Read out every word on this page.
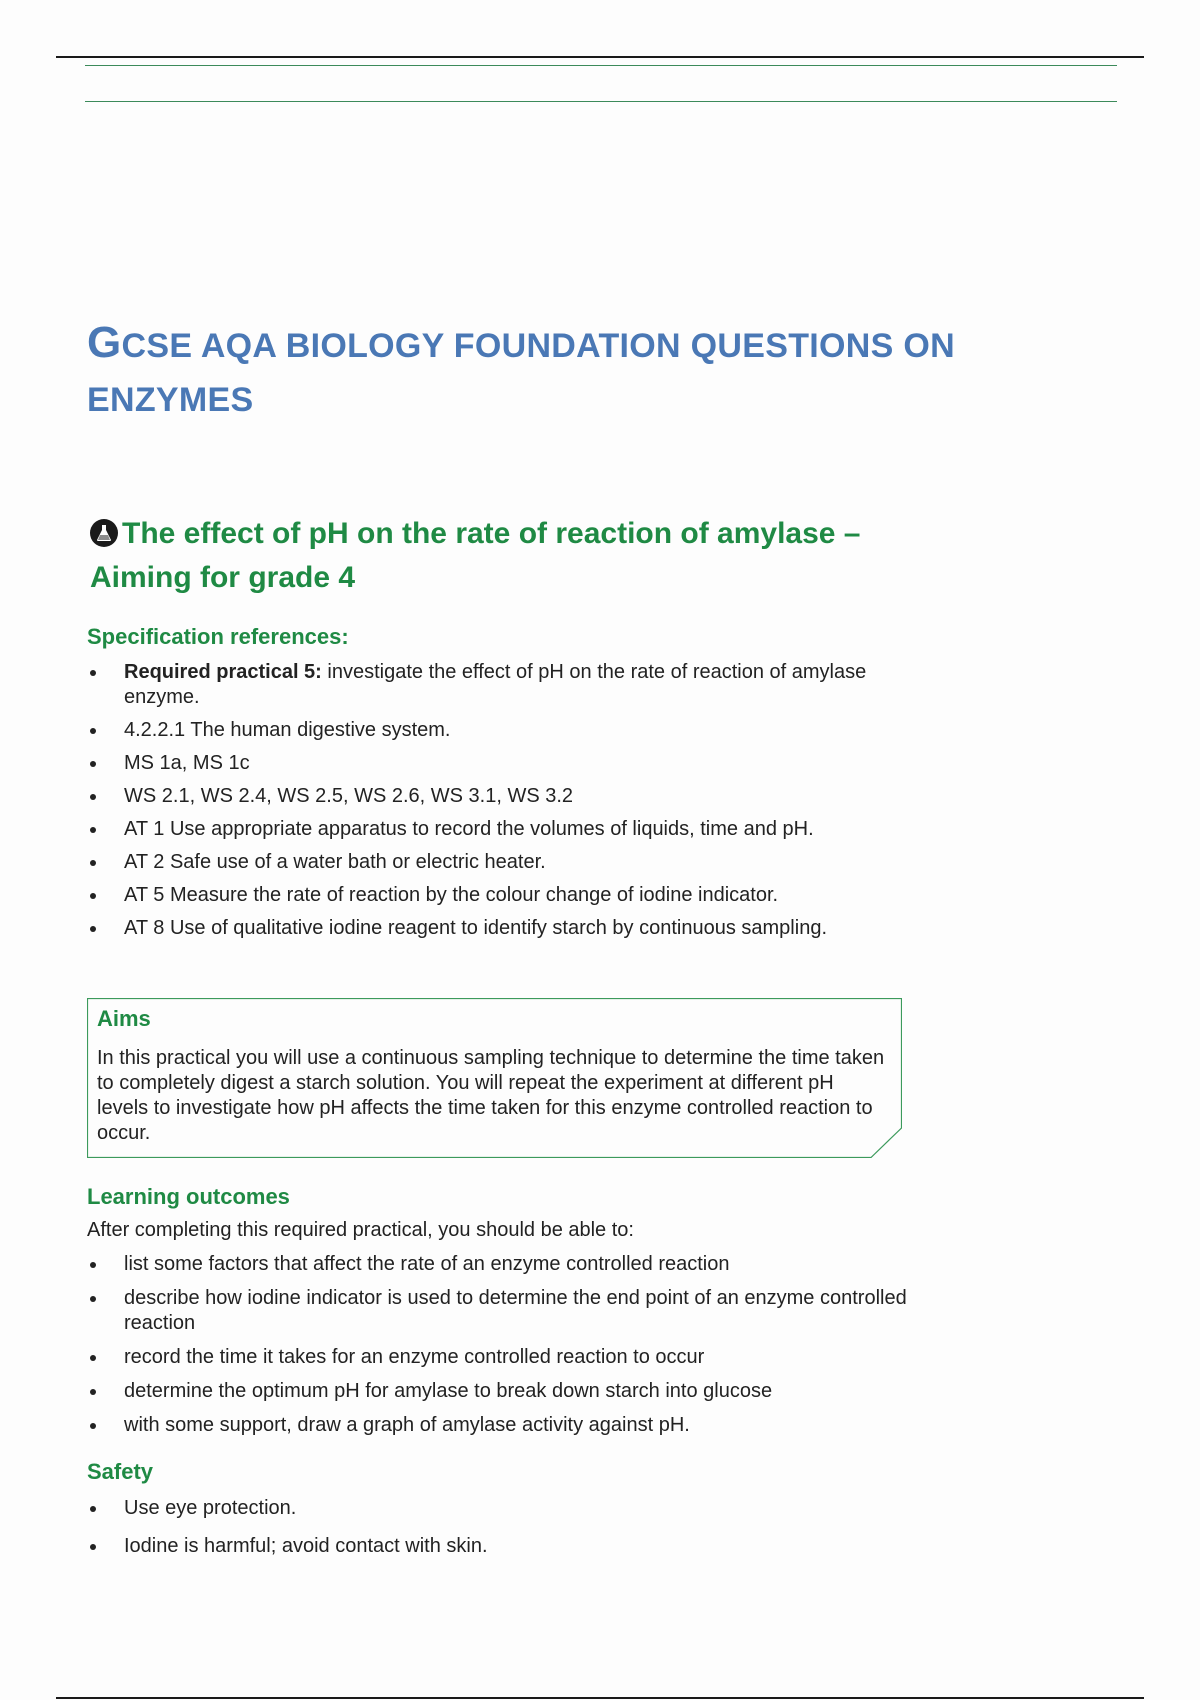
GCSE AQA BIOLOGY FOUNDATION QUESTIONS ON ENZYMES
The effect of pH on the rate of reaction of amylase – Aiming for grade 4
Specification references:
Required practical 5: investigate the effect of pH on the rate of reaction of amylase enzyme.
4.2.2.1 The human digestive system.
MS 1a, MS 1c
WS 2.1, WS 2.4, WS 2.5, WS 2.6, WS 3.1, WS 3.2
AT 1 Use appropriate apparatus to record the volumes of liquids, time and pH.
AT 2 Safe use of a water bath or electric heater.
AT 5 Measure the rate of reaction by the colour change of iodine indicator.
AT 8 Use of qualitative iodine reagent to identify starch by continuous sampling.
Aims
In this practical you will use a continuous sampling technique to determine the time taken to completely digest a starch solution. You will repeat the experiment at different pH levels to investigate how pH affects the time taken for this enzyme controlled reaction to occur.
Learning outcomes
After completing this required practical, you should be able to:
list some factors that affect the rate of an enzyme controlled reaction
describe how iodine indicator is used to determine the end point of an enzyme controlled reaction
record the time it takes for an enzyme controlled reaction to occur
determine the optimum pH for amylase to break down starch into glucose
with some support, draw a graph of amylase activity against pH.
Safety
Use eye protection.
Iodine is harmful; avoid contact with skin.
